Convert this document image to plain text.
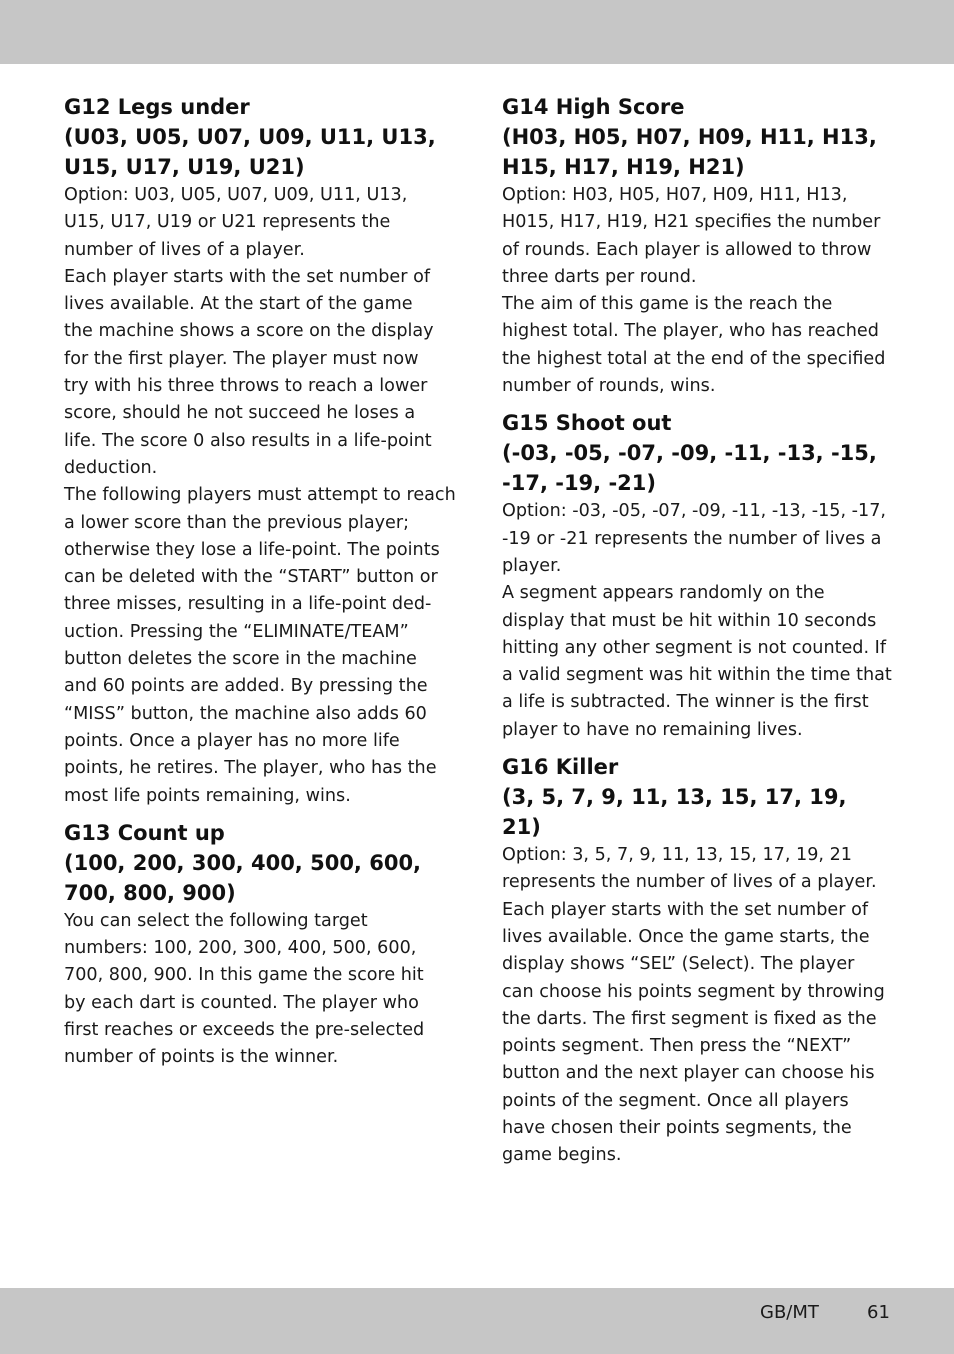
G12 Legs under
(U03, U05, U07, U09, U11, U13,
U15, U17, U19, U21)
Option: U03, U05, U07, U09, U11, U13,
U15, U17, U19 or U21 represents the
number of lives of a player.
Each player starts with the set number of
lives available. At the start of the game
the machine shows a score on the display
for the first player. The player must now
try with his three throws to reach a lower
score, should he not succeed he loses a
life. The score 0 also results in a life-point
deduction.
The following players must attempt to reach
a lower score than the previous player;
otherwise they lose a life-point. The points
can be deleted with the “START” button or
three misses, resulting in a life-point ded-
uction. Pressing the “ELIMINATE/TEAM”
button deletes the score in the machine
and 60 points are added. By pressing the
“MISS” button, the machine also adds 60
points. Once a player has no more life
points, he retires. The player, who has the
most life points remaining, wins.
G13 Count up
(100, 200, 300, 400, 500, 600,
700, 800, 900)
You can select the following target
numbers: 100, 200, 300, 400, 500, 600,
700, 800, 900. In this game the score hit
by each dart is counted. The player who
first reaches or exceeds the pre-selected
number of points is the winner.
G14 High Score
(H03, H05, H07, H09, H11, H13,
H15, H17, H19, H21)
Option: H03, H05, H07, H09, H11, H13,
H015, H17, H19, H21 specifies the number
of rounds. Each player is allowed to throw
three darts per round.
The aim of this game is the reach the
highest total. The player, who has reached
the highest total at the end of the specified
number of rounds, wins.
G15 Shoot out
(-03, -05, -07, -09, -11, -13, -15,
-17, -19, -21)
Option: -03, -05, -07, -09, -11, -13, -15, -17,
-19 or -21 represents the number of lives a
player.
A segment appears randomly on the
display that must be hit within 10 seconds
hitting any other segment is not counted. If
a valid segment was hit within the time that
a life is subtracted. The winner is the first
player to have no remaining lives.
G16 Killer
(3, 5, 7, 9, 11, 13, 15, 17, 19, 21)
Option: 3, 5, 7, 9, 11, 13, 15, 17, 19, 21
represents the number of lives of a player.
Each player starts with the set number of
lives available. Once the game starts, the
display shows “SEL” (Select). The player
can choose his points segment by throwing
the darts. The first segment is fixed as the
points segment. Then press the “NEXT”
button and the next player can choose his
points of the segment. Once all players
have chosen their points segments, the
game begins.
GB/MT	61
